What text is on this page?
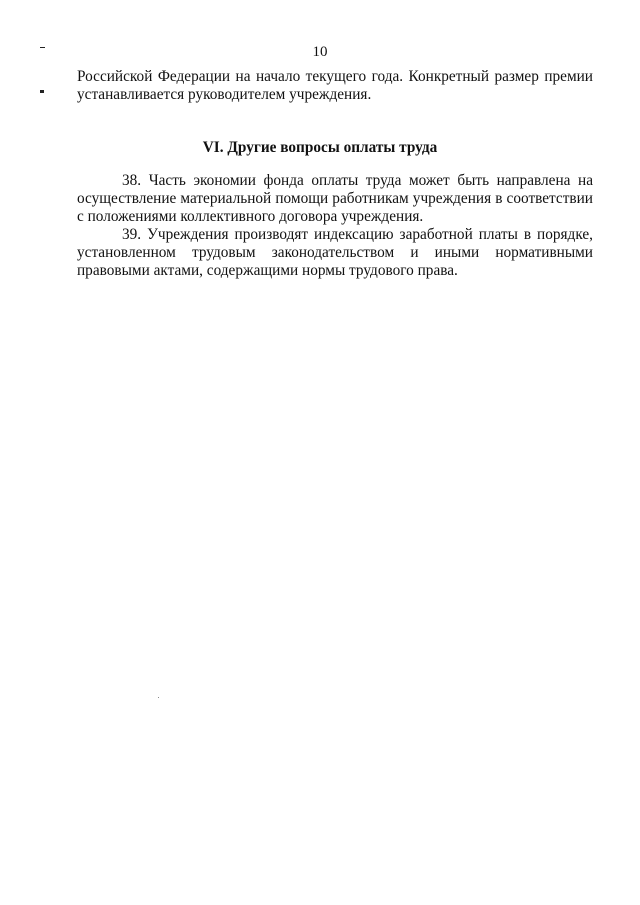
10

Российской Федерации на начало текущего года. Конкретный размер премии устанавливается руководителем учреждения.

VI. Другие вопросы оплаты труда

38. Часть экономии фонда оплаты труда может быть направлена на осуществление материальной помощи работникам учреждения в соответствии с положениями коллективного договора учреждения.

39. Учреждения производят индексацию заработной платы в порядке, установленном трудовым законодательством и иными нормативными правовыми актами, содержащими нормы трудового права.
